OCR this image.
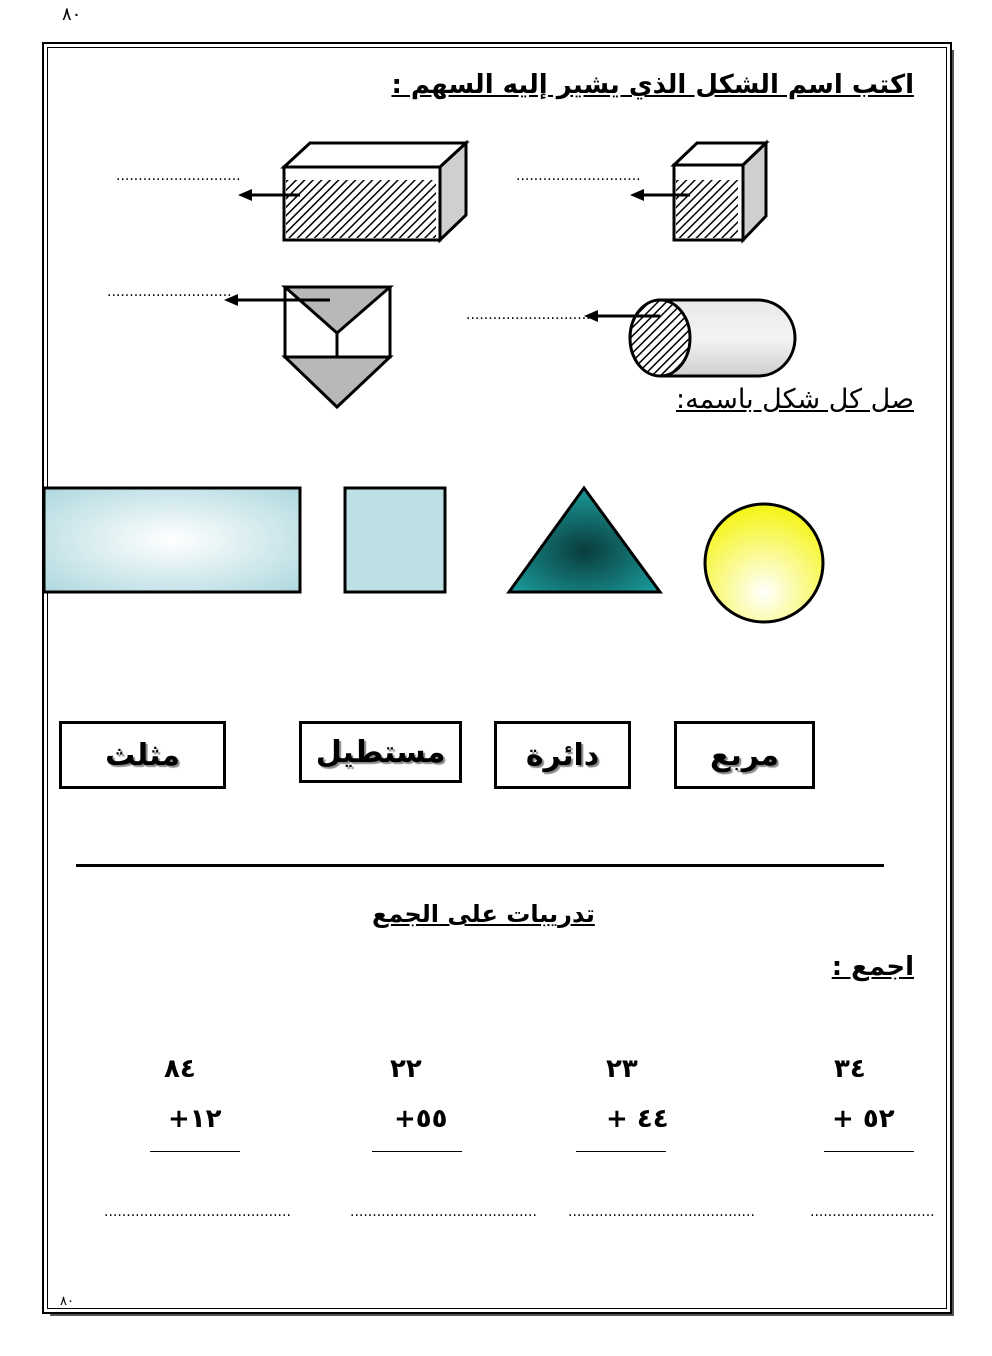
٨٠
اكتب اسم الشكل الذي يشير إليه السهم :
............................	............................
............................
............................
صل كل شكل باسمه:
مثلث	مستطيل	دائرة	مربع
تدريبات على الجمع
اجمع :
٨٤
+١٢
٢٢
+٥٥
٢٣
+ ٤٤
٣٤
+ ٥٢
..........................................	.......................................... ..........................................	............................
٨٠
